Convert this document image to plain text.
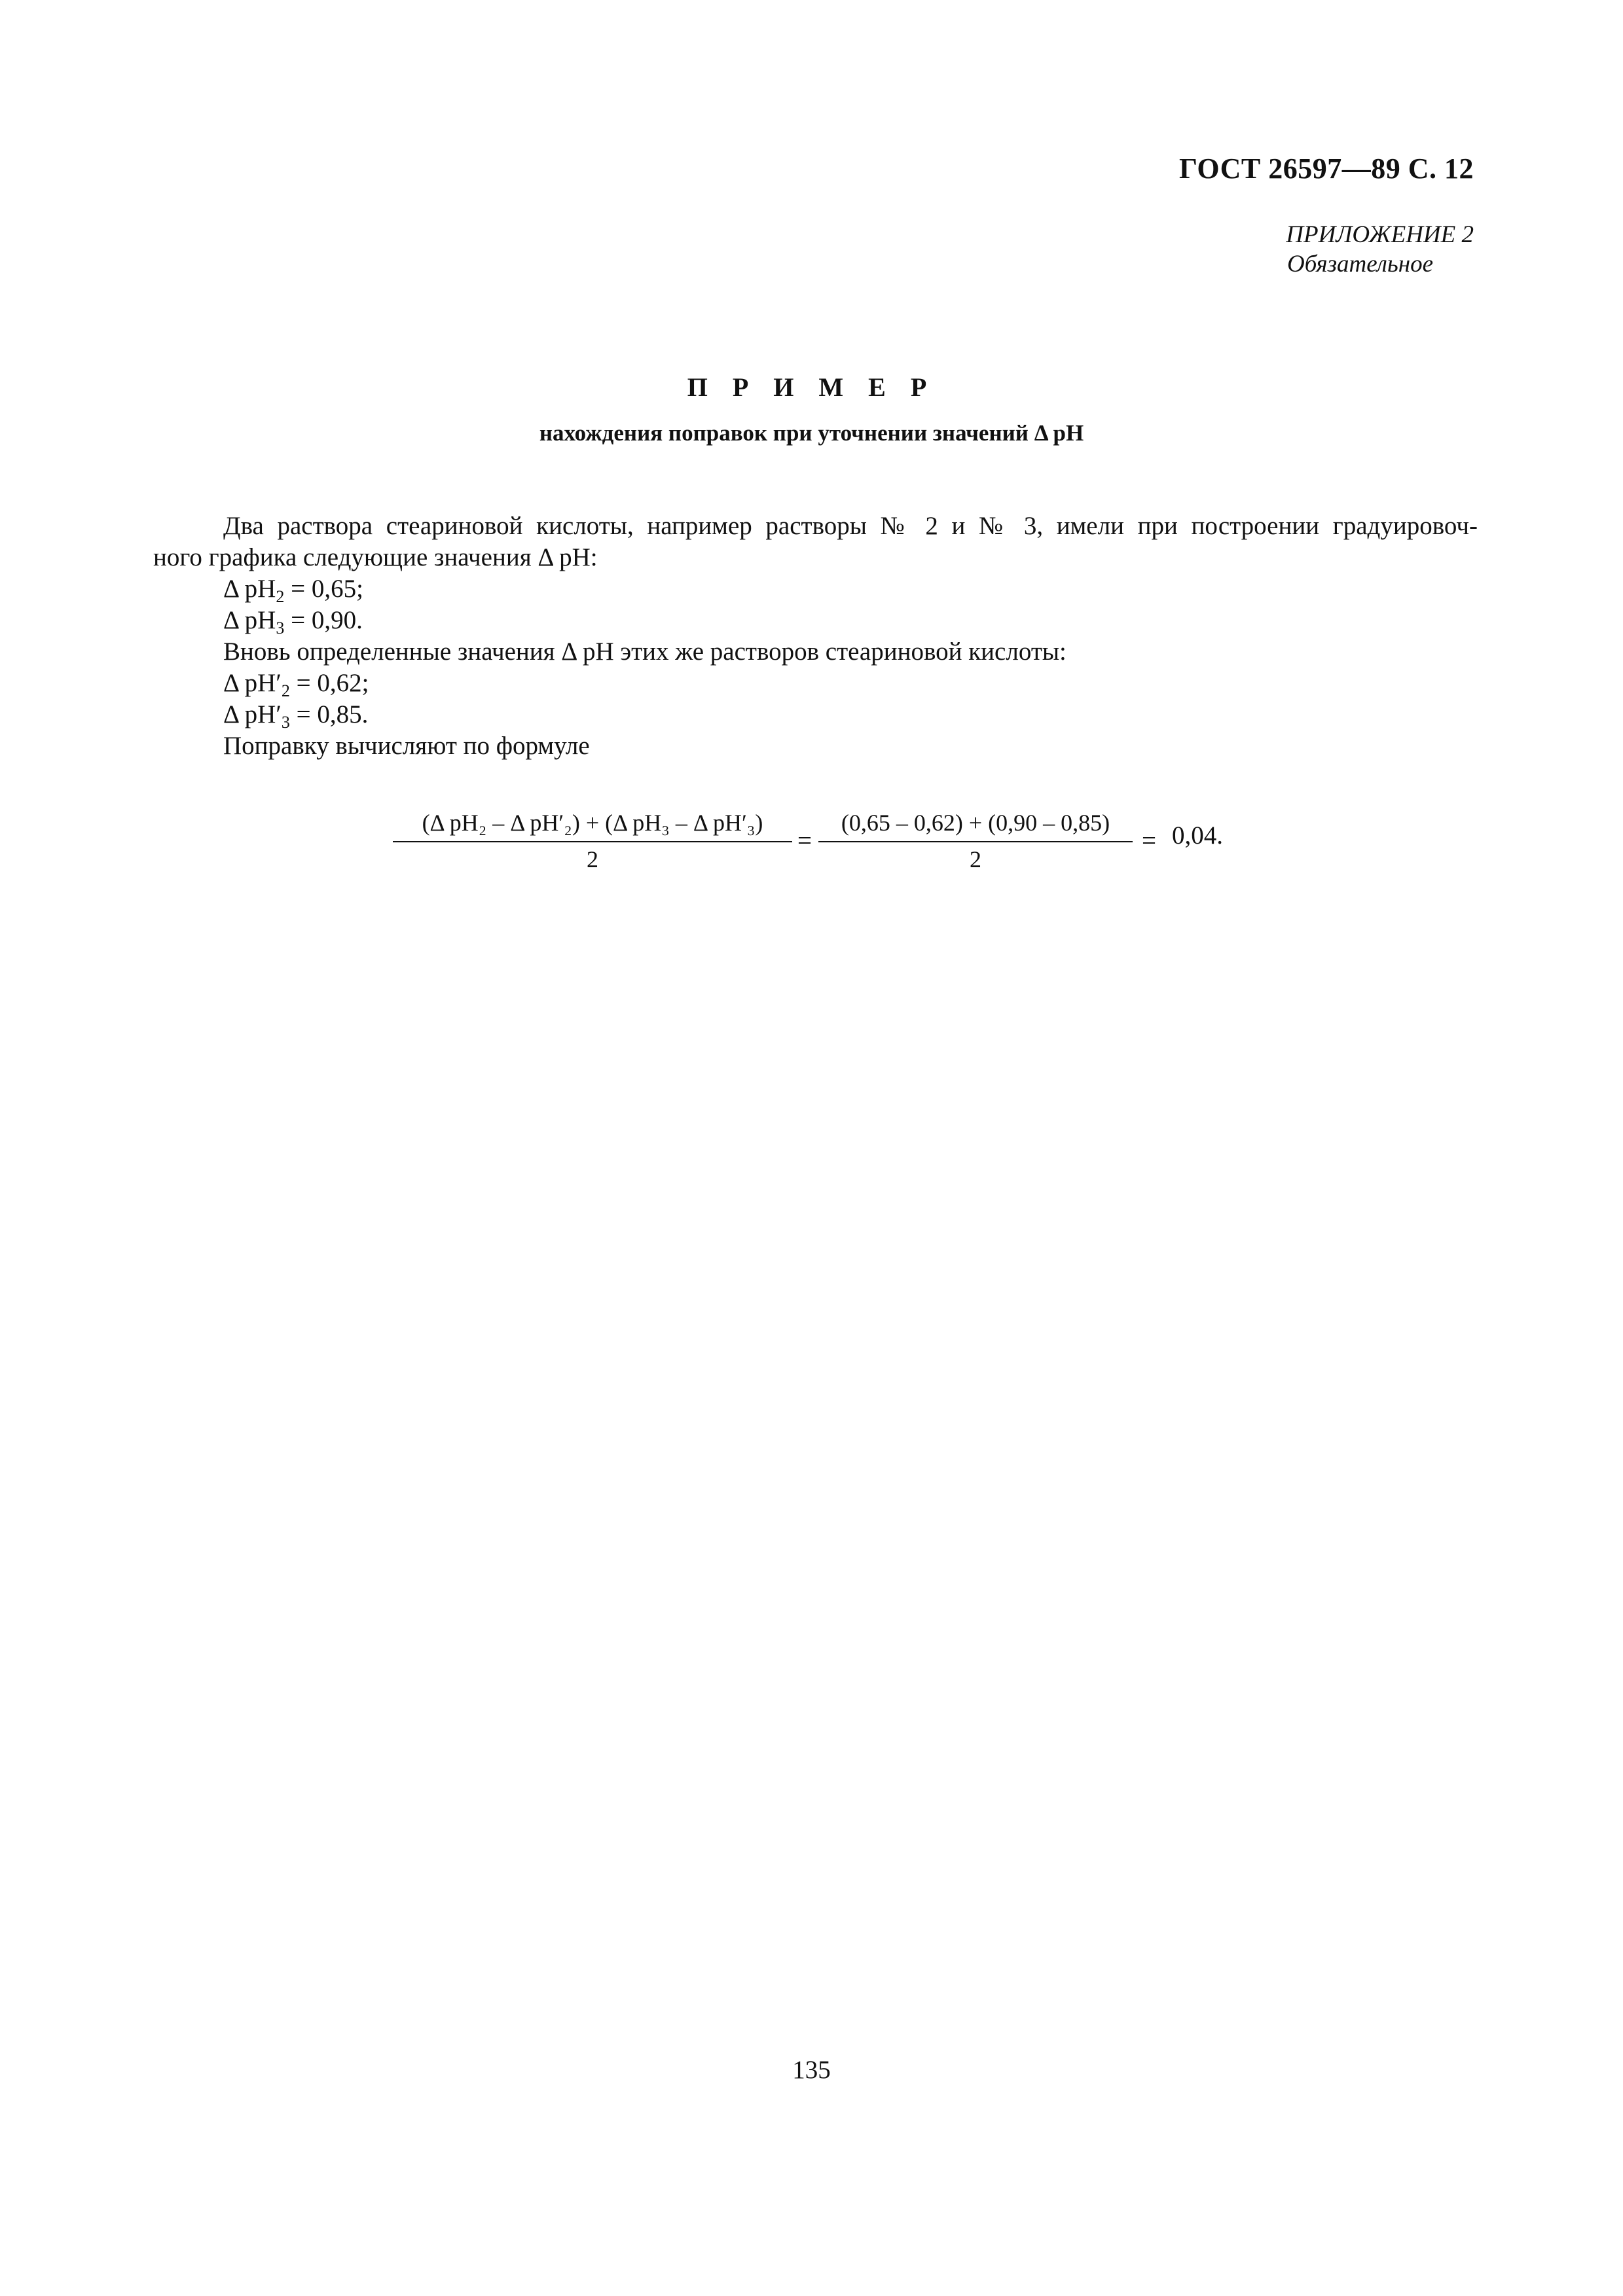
ГОСТ 26597—89 С. 12
ПРИЛОЖЕНИЕ 2
Обязательное
П Р И М Е Р
нахождения поправок при уточнении значений Δ pH
Два раствора стеариновой кислоты, например растворы № 2 и № 3, имели при построении градуировоч-
ного графика следующие значения Δ pH:
Δ $pH_2 = 0,65$;
Δ $pH_3 = 0,90$.
Вновь определенные значения Δ pH этих же растворов стеариновой кислоты:
Δ $pH'_2 = 0,62$;
Δ $pH'_3 = 0,85$.
Поправку вычисляют по формуле
$\frac{\text{(Δ pH₂ – Δ pH′₂) + (Δ pH₃ – Δ pH′₃)}}{2} \frac{(0,65 - 0,62) + (0,90 - 0,85)}{2}$
=	= 0,04.
135
